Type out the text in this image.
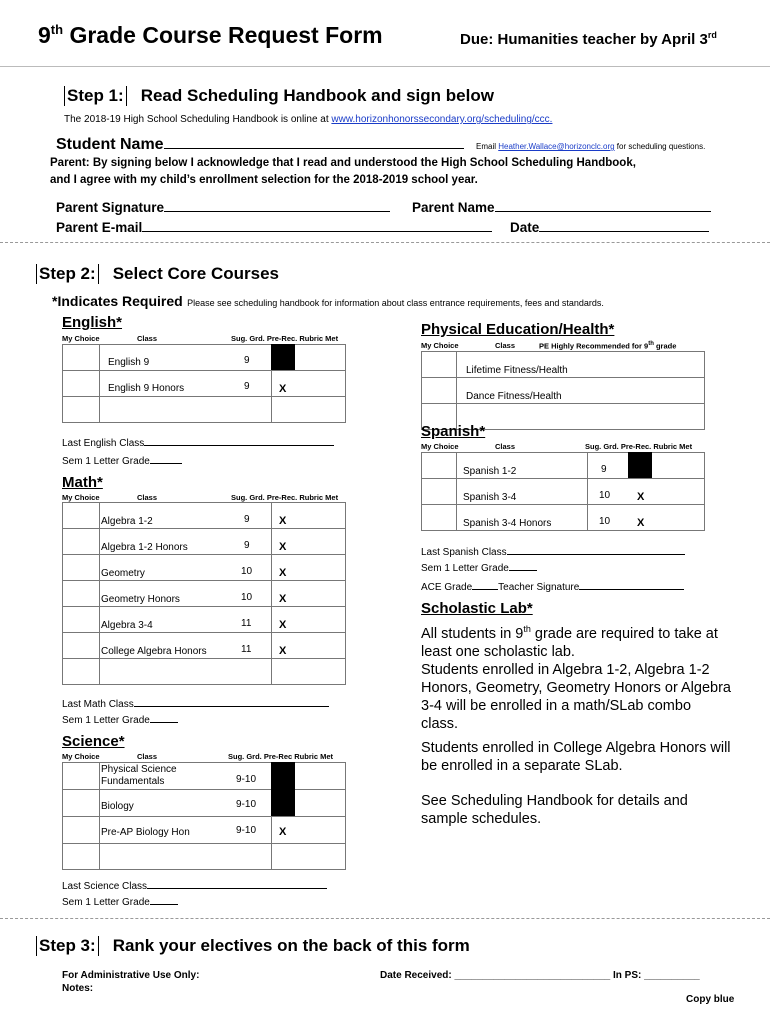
9th Grade Course Request Form	Due: Humanities teacher by April 3rd
Step 1: Read Scheduling Handbook and sign below
The 2018-19 High School Scheduling Handbook is online at www.horizonhonorssecondary.org/scheduling/ccc.
Student Name	Email Heather.Wallace@horizonclc.org for scheduling questions.
Parent: By signing below I acknowledge that I read and understood the High School Scheduling Handbook,
and I agree with my child’s enrollment selection for the 2018-2019 school year.
Parent Signature	Parent Name
Parent E-mail	Date
Step 2: Select Core Courses
*Indicates Required Please see scheduling handbook for information about class entrance requirements, fees and standards.
English*
My Choice	Class	Sug. Grd. Pre-Rec. Rubric Met
English 9	9
English 9 Honors	9	X
Last English Class
Sem 1 Letter Grade
Math*
My Choice	Class	Sug. Grd. Pre-Rec. Rubric Met
Algebra 1-2	9	X
Algebra 1-2 Honors	9	X
Geometry	10 X
Geometry Honors	10 X
Algebra 3-4	11	X
College Algebra Honors	11	X
Last Math Class
Sem 1 Letter Grade
Science*
My Choice	Class	Sug. Grd. Pre-Rec Rubric Met
Physical Science
Fundamentals	9-10
Biology	9-10
Pre-AP Biology Hon	9-10 X
Last Science Class
Sem 1 Letter Grade
Physical Education/Health*
My Choice	Class	PE Highly Recommended for 9th grade
Lifetime Fitness/Health
Dance Fitness/Health
Spanish*
My Choice	Class	Sug. Grd. Pre-Rec. Rubric Met
Spanish 1-2	9
Spanish 3-4	10 X
Spanish 3-4 Honors	10 X
Last Spanish Class
Sem 1 Letter Grade
ACE Grade	Teacher Signature
Scholastic Lab*
All students in 9th grade are required to take at least one scholastic lab.
Students enrolled in Algebra 1-2, Algebra 1-2 Honors, Geometry, Geometry Honors or Algebra 3-4 will be enrolled in a math/SLab combo class.
Students enrolled in College Algebra Honors will be enrolled in a separate SLab.
See Scheduling Handbook for details and sample schedules.
Step 3: Rank your electives on the back of this form
For Administrative Use Only:
Notes:
Date Received: ____________________________ In PS: __________
Copy blue
